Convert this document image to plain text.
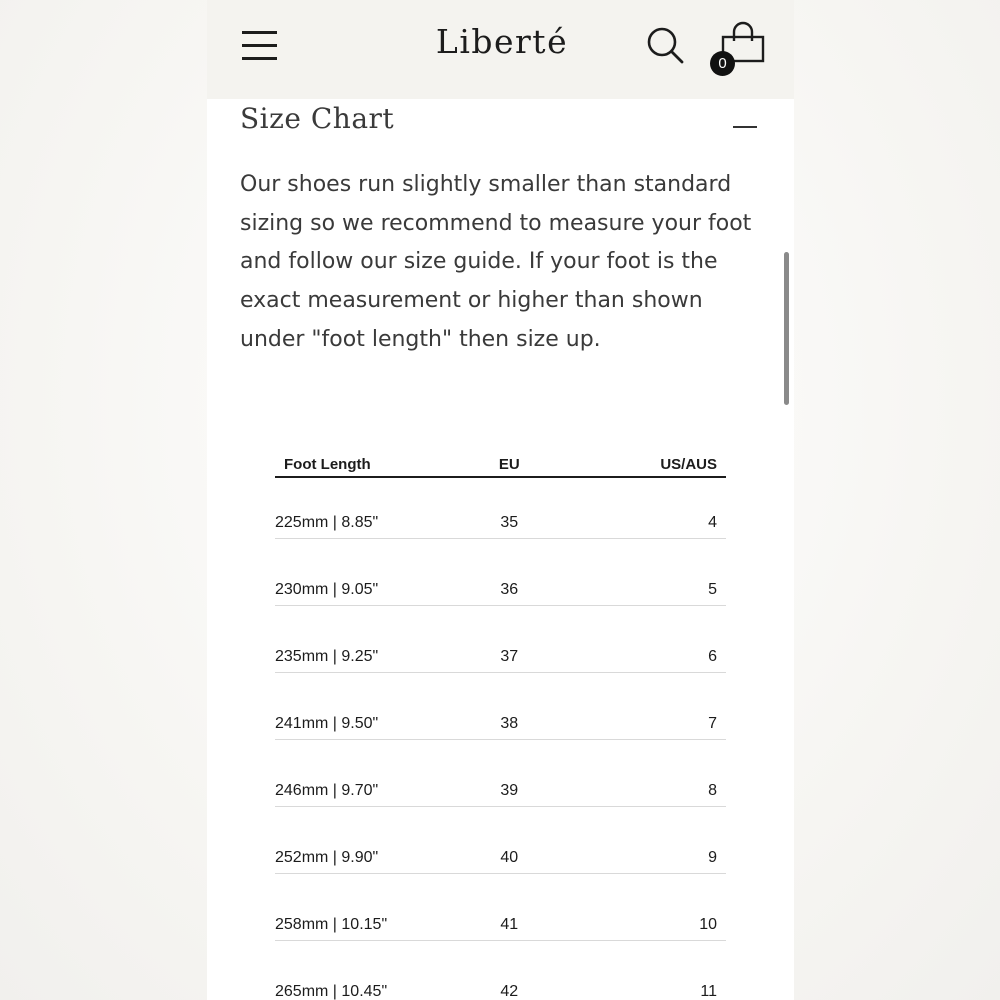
Liberté
0
Size Chart

Our shoes run slightly smaller than standard sizing so we recommend to measure your foot and follow our size guide. If your foot is the exact measurement or higher than shown under "foot length" then size up.

Foot Length	EU	US/AUS
225mm | 8.85"	35	4
230mm | 9.05"	36	5
235mm | 9.25"	37	6
241mm | 9.50"	38	7
246mm | 9.70"	39	8
252mm | 9.90"	40	9
258mm | 10.15"	41	10
265mm | 10.45"	42	11
